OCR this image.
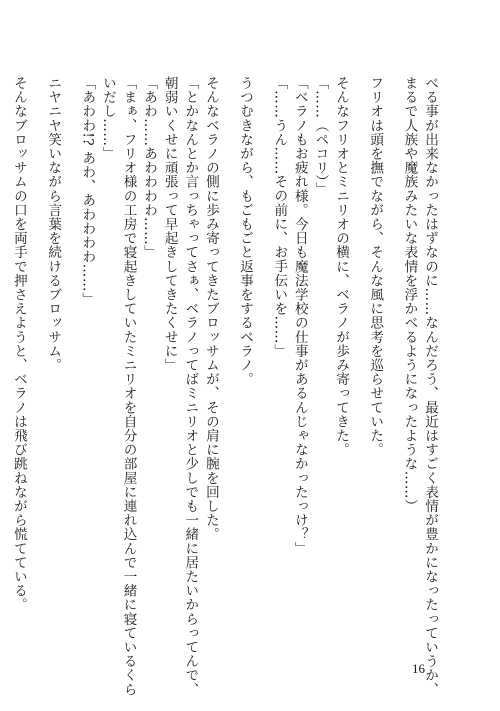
べる事が出来なかったはずなのに……なんだろう、最近はすごく表情が豊かになったっていうか、
まるで人族や魔族みたいな表情を浮かべるようになったような……）
フリオは頭を撫でながら、そんな風に思考を巡らせていた。
そんなフリオとミニリオの横に、ベラノが歩み寄ってきた。
「……（ペコリ）」
「ベラノもお疲れ様。今日も魔法学校の仕事があるんじゃなかったっけ？」
「……うん……その前に、お手伝いを……」
うつむきながら、もごもごと返事をするベラノ。
そんなベラノの側に歩み寄ってきたブロッサムが、その肩に腕を回した。
「とかなんとか言っちゃってさぁ、ベラノってばミニリオと少しでも一緒に居たいからってんで、
朝弱いくせに頑張って早起きしてきたくせに」
「あわ……あわわわわ……」
「まぁ、フリオ様の工房で寝起きしていたミニリオを自分の部屋に連れ込んで一緒に寝ているくら
いだし……」
「あわわ!? あわ、あわわわわ……」
ニヤニヤ笑いながら言葉を続けるブロッサム。
そんなブロッサムの口を両手で押さえようと、ベラノは飛び跳ねながら慌てている。
16
